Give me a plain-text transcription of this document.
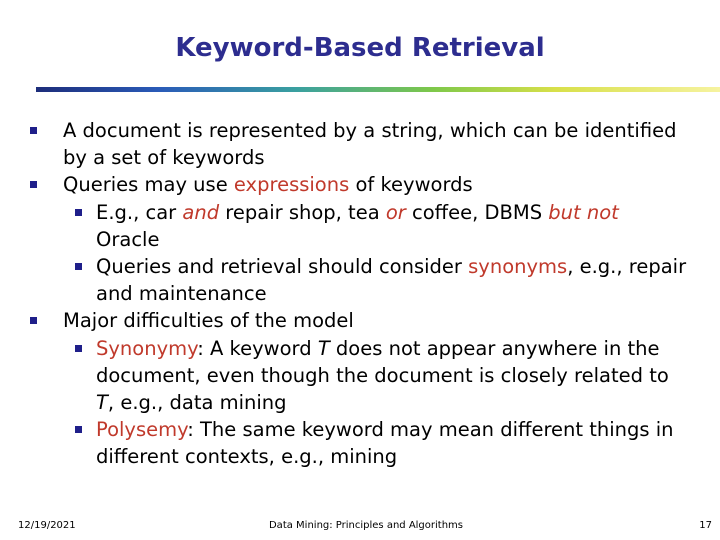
Keyword-Based Retrieval
A document is represented by a string, which can be identified by a set of keywords
Queries may use expressions of keywords
E.g., car and repair shop, tea or coffee, DBMS but not Oracle
Queries and retrieval should consider synonyms, e.g., repair and maintenance
Major difficulties of the model
Synonymy: A keyword T does not appear anywhere in the document, even though the document is closely related to T, e.g., data mining
Polysemy: The same keyword may mean different things in different contexts, e.g., mining
12/19/2021	Data Mining: Principles and Algorithms	17
